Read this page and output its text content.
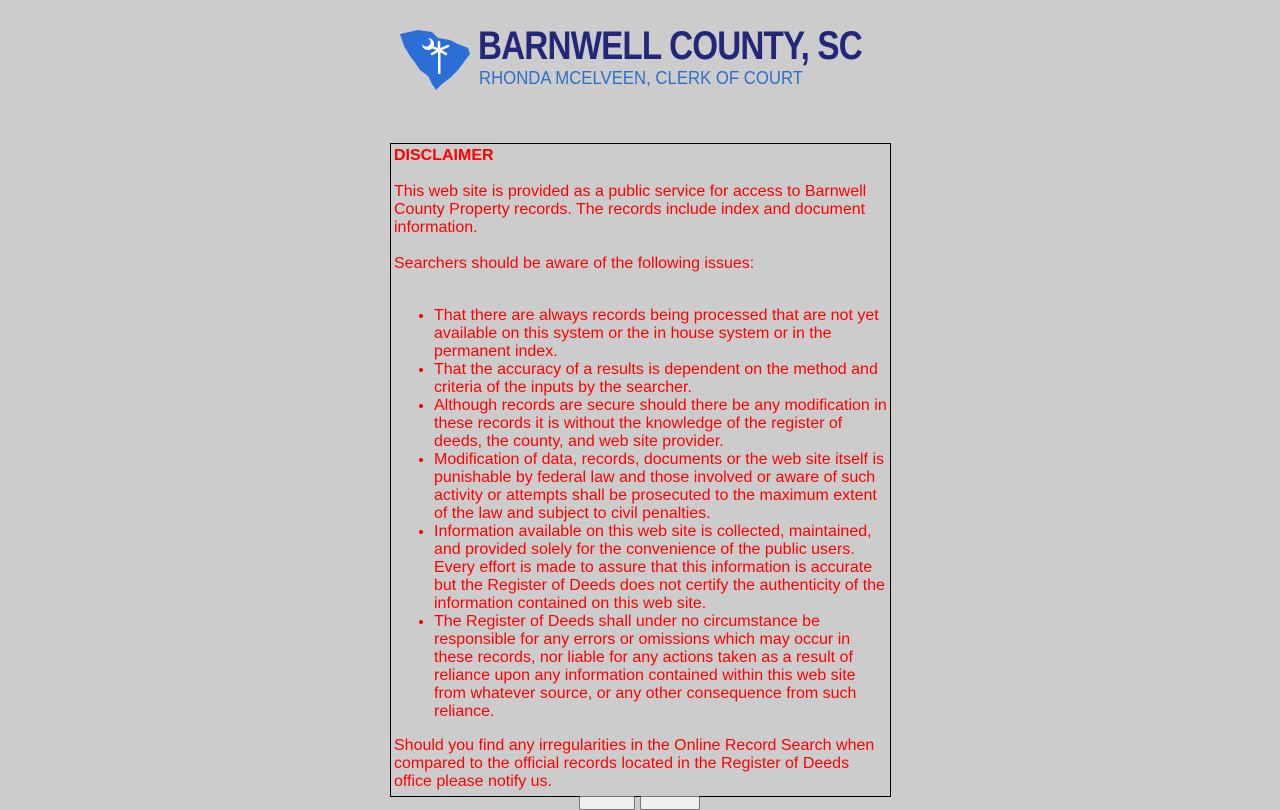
BARNWELL COUNTY, SC
RHONDA MCELVEEN, CLERK OF COURT

DISCLAIMER

This web site is provided as a public service for access to Barnwell County Property records. The records include index and document information.

Searchers should be aware of the following issues:

• That there are always records being processed that are not yet available on this system or the in house system or in the permanent index.
• That the accuracy of a results is dependent on the method and criteria of the inputs by the searcher.
• Although records are secure should there be any modification in these records it is without the knowledge of the register of deeds, the county, and web site provider.
• Modification of data, records, documents or the web site itself is punishable by federal law and those involved or aware of such activity or attempts shall be prosecuted to the maximum extent of the law and subject to civil penalties.
• Information available on this web site is collected, maintained, and provided solely for the convenience of the public users. Every effort is made to assure that this information is accurate but the Register of Deeds does not certify the authenticity of the information contained on this web site.
• The Register of Deeds shall under no circumstance be responsible for any errors or omissions which may occur in these records, nor liable for any actions taken as a result of reliance upon any information contained within this web site from whatever source, or any other consequence from such reliance.

Should you find any irregularities in the Online Record Search when compared to the official records located in the Register of Deeds office please notify us.
